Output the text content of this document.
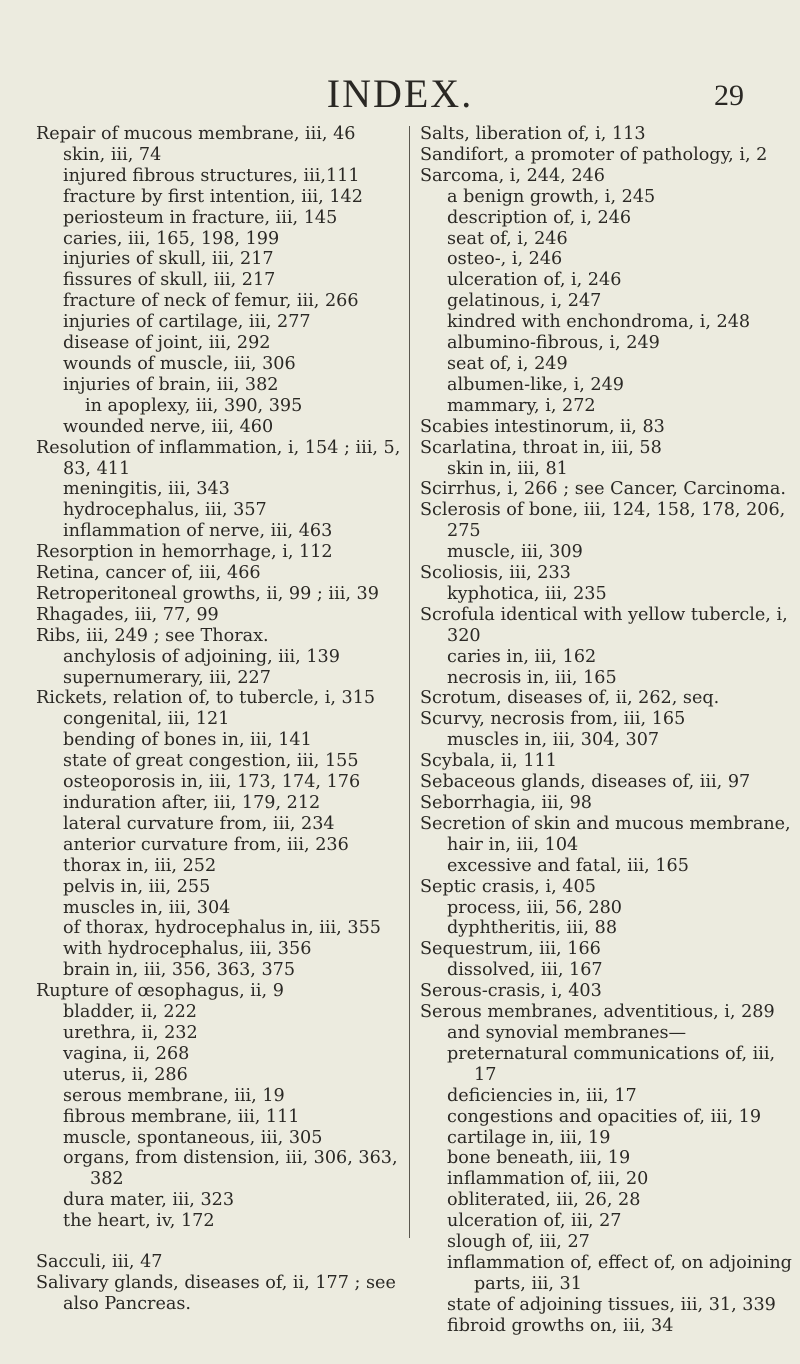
INDEX.	29
Repair of mucous membrane, iii, 46
skin, iii, 74
injured fibrous structures, iii,111
fracture by first intention, iii, 142
periosteum in fracture, iii, 145
caries, iii, 165, 198, 199
injuries of skull, iii, 217
fissures of skull, iii, 217
fracture of neck of femur, iii, 266
injuries of cartilage, iii, 277
disease of joint, iii, 292
wounds of muscle, iii, 306
injuries of brain, iii, 382
in apoplexy, iii, 390, 395
wounded nerve, iii, 460
Resolution of inflammation, i, 154 ; iii, 5, 83, 411
meningitis, iii, 343
hydrocephalus, iii, 357
inflammation of nerve, iii, 463
Resorption in hemorrhage, i, 112
Retina, cancer of, iii, 466
Retroperitoneal growths, ii, 99 ; iii, 39
Rhagades, iii, 77, 99
Ribs, iii, 249 ; see Thorax.
anchylosis of adjoining, iii, 139
supernumerary, iii, 227
Rickets, relation of, to tubercle, i, 315
congenital, iii, 121
bending of bones in, iii, 141
state of great congestion, iii, 155
osteoporosis in, iii, 173, 174, 176
induration after, iii, 179, 212
lateral curvature from, iii, 234
anterior curvature from, iii, 236
thorax in, iii, 252
pelvis in, iii, 255
muscles in, iii, 304
of thorax, hydrocephalus in, iii, 355
with hydrocephalus, iii, 356
brain in, iii, 356, 363, 375
Rupture of œsophagus, ii, 9
bladder, ii, 222
urethra, ii, 232
vagina, ii, 268
uterus, ii, 286
serous membrane, iii, 19
fibrous membrane, iii, 111
muscle, spontaneous, iii, 305
organs, from distension, iii, 306, 363, 382
dura mater, iii, 323
the heart, iv, 172
Sacculi, iii, 47
Salivary glands, diseases of, ii, 177 ; see also Pancreas.
Salts, liberation of, i, 113
Sandifort, a promoter of pathology, i, 2
Sarcoma, i, 244, 246
a benign growth, i, 245
description of, i, 246
seat of, i, 246
osteo-, i, 246
ulceration of, i, 246
gelatinous, i, 247
kindred with enchondroma, i, 248
albumino-fibrous, i, 249
seat of, i, 249
albumen-like, i, 249
mammary, i, 272
Scabies intestinorum, ii, 83
Scarlatina, throat in, iii, 58
skin in, iii, 81
Scirrhus, i, 266 ; see Cancer, Carcinoma.
Sclerosis of bone, iii, 124, 158, 178, 206, 275
muscle, iii, 309
Scoliosis, iii, 233
kyphotica, iii, 235
Scrofula identical with yellow tubercle, i, 320
caries in, iii, 162
necrosis in, iii, 165
Scrotum, diseases of, ii, 262, seq.
Scurvy, necrosis from, iii, 165
muscles in, iii, 304, 307
Scybala, ii, 111
Sebaceous glands, diseases of, iii, 97
Seborrhagia, iii, 98
Secretion of skin and mucous membrane,
hair in, iii, 104
excessive and fatal, iii, 165
Septic crasis, i, 405
process, iii, 56, 280
dyphtheritis, iii, 88
Sequestrum, iii, 166
dissolved, iii, 167
Serous-crasis, i, 403
Serous membranes, adventitious, i, 289
and synovial membranes—
preternatural communications of, iii, 17
deficiencies in, iii, 17
congestions and opacities of, iii, 19
cartilage in, iii, 19
bone beneath, iii, 19
inflammation of, iii, 20
obliterated, iii, 26, 28
ulceration of, iii, 27
slough of, iii, 27
inflammation of, effect of, on adjoining parts, iii, 31
state of adjoining tissues, iii, 31, 339
fibroid growths on, iii, 34
